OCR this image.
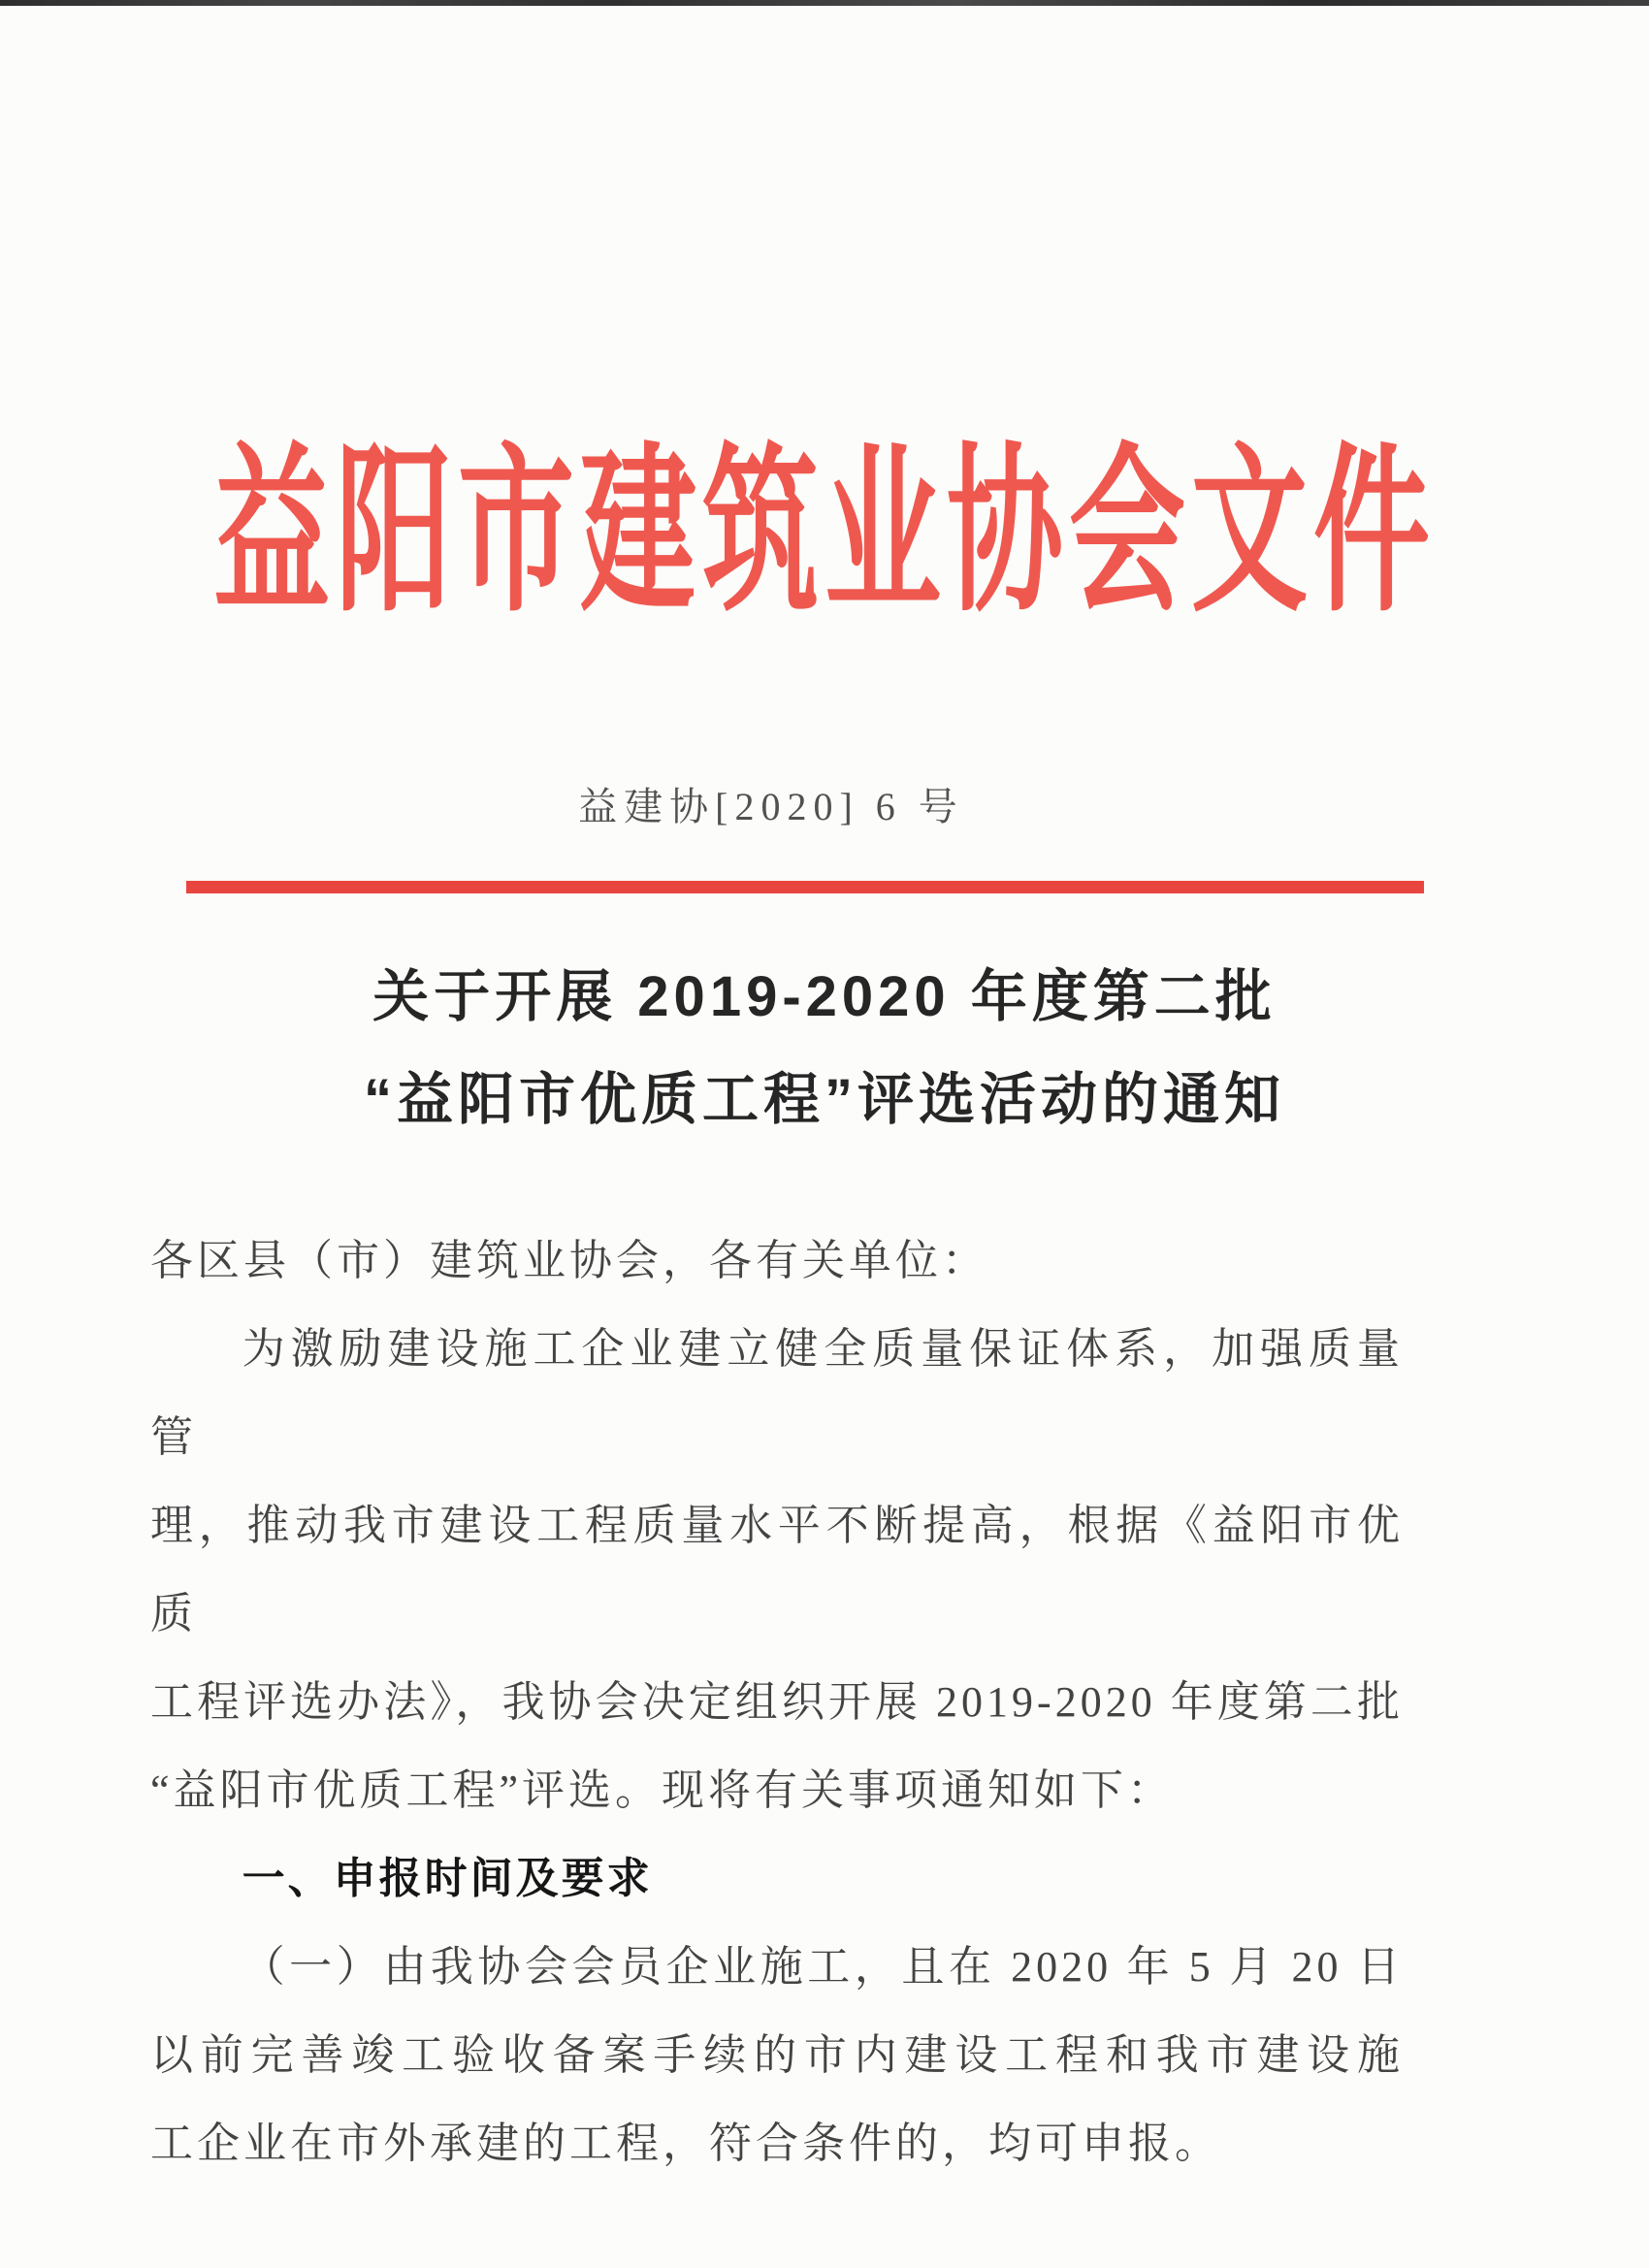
益阳市建筑业协会文件
益建协[2020] 6 号
关于开展 2019-2020 年度第二批
“益阳市优质工程”评选活动的通知
各区县（市）建筑业协会，各有关单位：
为激励建设施工企业建立健全质量保证体系，加强质量管
理，推动我市建设工程质量水平不断提高，根据《益阳市优质
工程评选办法》，我协会决定组织开展 2019-2020 年度第二批
“益阳市优质工程”评选。现将有关事项通知如下：
一、申报时间及要求
（一）由我协会会员企业施工，且在 2020 年 5 月 20 日
以前完善竣工验收备案手续的市内建设工程和我市建设施
工企业在市外承建的工程，符合条件的，均可申报。
